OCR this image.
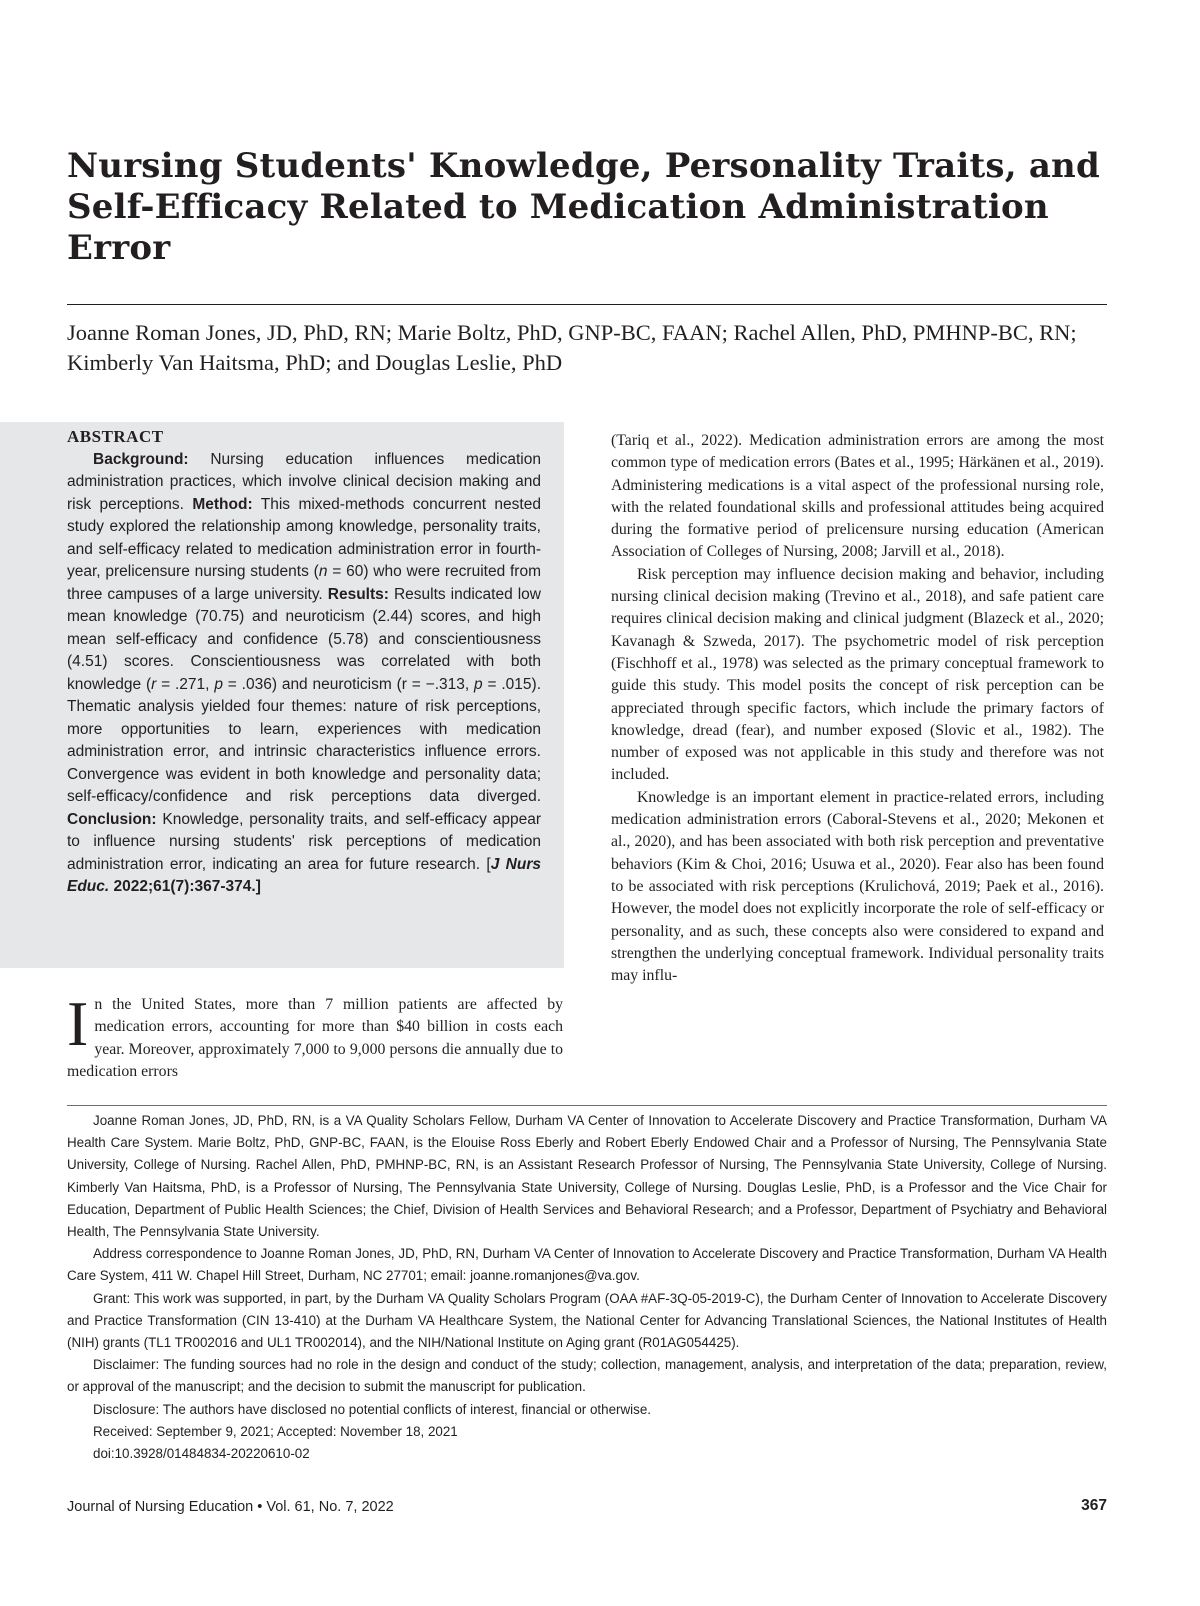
Nursing Students' Knowledge, Personality Traits, and Self-Efficacy Related to Medication Administration Error

Joanne Roman Jones, JD, PhD, RN; Marie Boltz, PhD, GNP-BC, FAAN; Rachel Allen, PhD, PMHNP-BC, RN; Kimberly Van Haitsma, PhD; and Douglas Leslie, PhD

ABSTRACT

Background: Nursing education influences medication administration practices, which involve clinical decision making and risk perceptions. Method: This mixed-methods concurrent nested study explored the relationship among knowledge, personality traits, and self-efficacy related to medication administration error in fourth-year, prelicensure nursing students (n = 60) who were recruited from three campuses of a large university. Results: Results indicated low mean knowledge (70.75) and neuroticism (2.44) scores, and high mean self-efficacy and confidence (5.78) and conscientiousness (4.51) scores. Conscientiousness was correlated with both knowledge (r = .271, p = .036) and neuroticism (r = −.313, p = .015). Thematic analysis yielded four themes: nature of risk perceptions, more opportunities to learn, experiences with medication administration error, and intrinsic characteristics influence errors. Convergence was evident in both knowledge and personality data; self-efficacy/confidence and risk perceptions data diverged. Conclusion: Knowledge, personality traits, and self-efficacy appear to influence nursing students' risk perceptions of medication administration error, indicating an area for future research. [J Nurs Educ. 2022;61(7):367-374.]

In the United States, more than 7 million patients are affected by medication errors, accounting for more than $40 billion in costs each year. Moreover, approximately 7,000 to 9,000 persons die annually due to medication errors

(Tariq et al., 2022). Medication administration errors are among the most common type of medication errors (Bates et al., 1995; Härkänen et al., 2019). Administering medications is a vital aspect of the professional nursing role, with the related foundational skills and professional attitudes being acquired during the formative period of prelicensure nursing education (American Association of Colleges of Nursing, 2008; Jarvill et al., 2018).

Risk perception may influence decision making and behavior, including nursing clinical decision making (Trevino et al., 2018), and safe patient care requires clinical decision making and clinical judgment (Blazeck et al., 2020; Kavanagh & Szweda, 2017). The psychometric model of risk perception (Fischhoff et al., 1978) was selected as the primary conceptual framework to guide this study. This model posits the concept of risk perception can be appreciated through specific factors, which include the primary factors of knowledge, dread (fear), and number exposed (Slovic et al., 1982). The number of exposed was not applicable in this study and therefore was not included.

Knowledge is an important element in practice-related errors, including medication administration errors (Caboral-Stevens et al., 2020; Mekonen et al., 2020), and has been associated with both risk perception and preventative behaviors (Kim & Choi, 2016; Usuwa et al., 2020). Fear also has been found to be associated with risk perceptions (Krulichová, 2019; Paek et al., 2016). However, the model does not explicitly incorporate the role of self-efficacy or personality, and as such, these concepts also were considered to expand and strengthen the underlying conceptual framework. Individual personality traits may influ-

Joanne Roman Jones, JD, PhD, RN, is a VA Quality Scholars Fellow, Durham VA Center of Innovation to Accelerate Discovery and Practice Transformation, Durham VA Health Care System. Marie Boltz, PhD, GNP-BC, FAAN, is the Elouise Ross Eberly and Robert Eberly Endowed Chair and a Professor of Nursing, The Pennsylvania State University, College of Nursing. Rachel Allen, PhD, PMHNP-BC, RN, is an Assistant Research Professor of Nursing, The Pennsylvania State University, College of Nursing. Kimberly Van Haitsma, PhD, is a Professor of Nursing, The Pennsylvania State University, College of Nursing. Douglas Leslie, PhD, is a Professor and the Vice Chair for Education, Department of Public Health Sciences; the Chief, Division of Health Services and Behavioral Research; and a Professor, Department of Psychiatry and Behavioral Health, The Pennsylvania State University.

Address correspondence to Joanne Roman Jones, JD, PhD, RN, Durham VA Center of Innovation to Accelerate Discovery and Practice Transformation, Durham VA Health Care System, 411 W. Chapel Hill Street, Durham, NC 27701; email: joanne.romanjones@va.gov.

Grant: This work was supported, in part, by the Durham VA Quality Scholars Program (OAA #AF-3Q-05-2019-C), the Durham Center of Innovation to Accelerate Discovery and Practice Transformation (CIN 13-410) at the Durham VA Healthcare System, the National Center for Advancing Translational Sciences, the National Institutes of Health (NIH) grants (TL1 TR002016 and UL1 TR002014), and the NIH/National Institute on Aging grant (R01AG054425).

Disclaimer: The funding sources had no role in the design and conduct of the study; collection, management, analysis, and interpretation of the data; preparation, review, or approval of the manuscript; and the decision to submit the manuscript for publication.

Disclosure: The authors have disclosed no potential conflicts of interest, financial or otherwise.

Received: September 9, 2021; Accepted: November 18, 2021

doi:10.3928/01484834-20220610-02

Journal of Nursing Education • Vol. 61, No. 7, 2022	367
